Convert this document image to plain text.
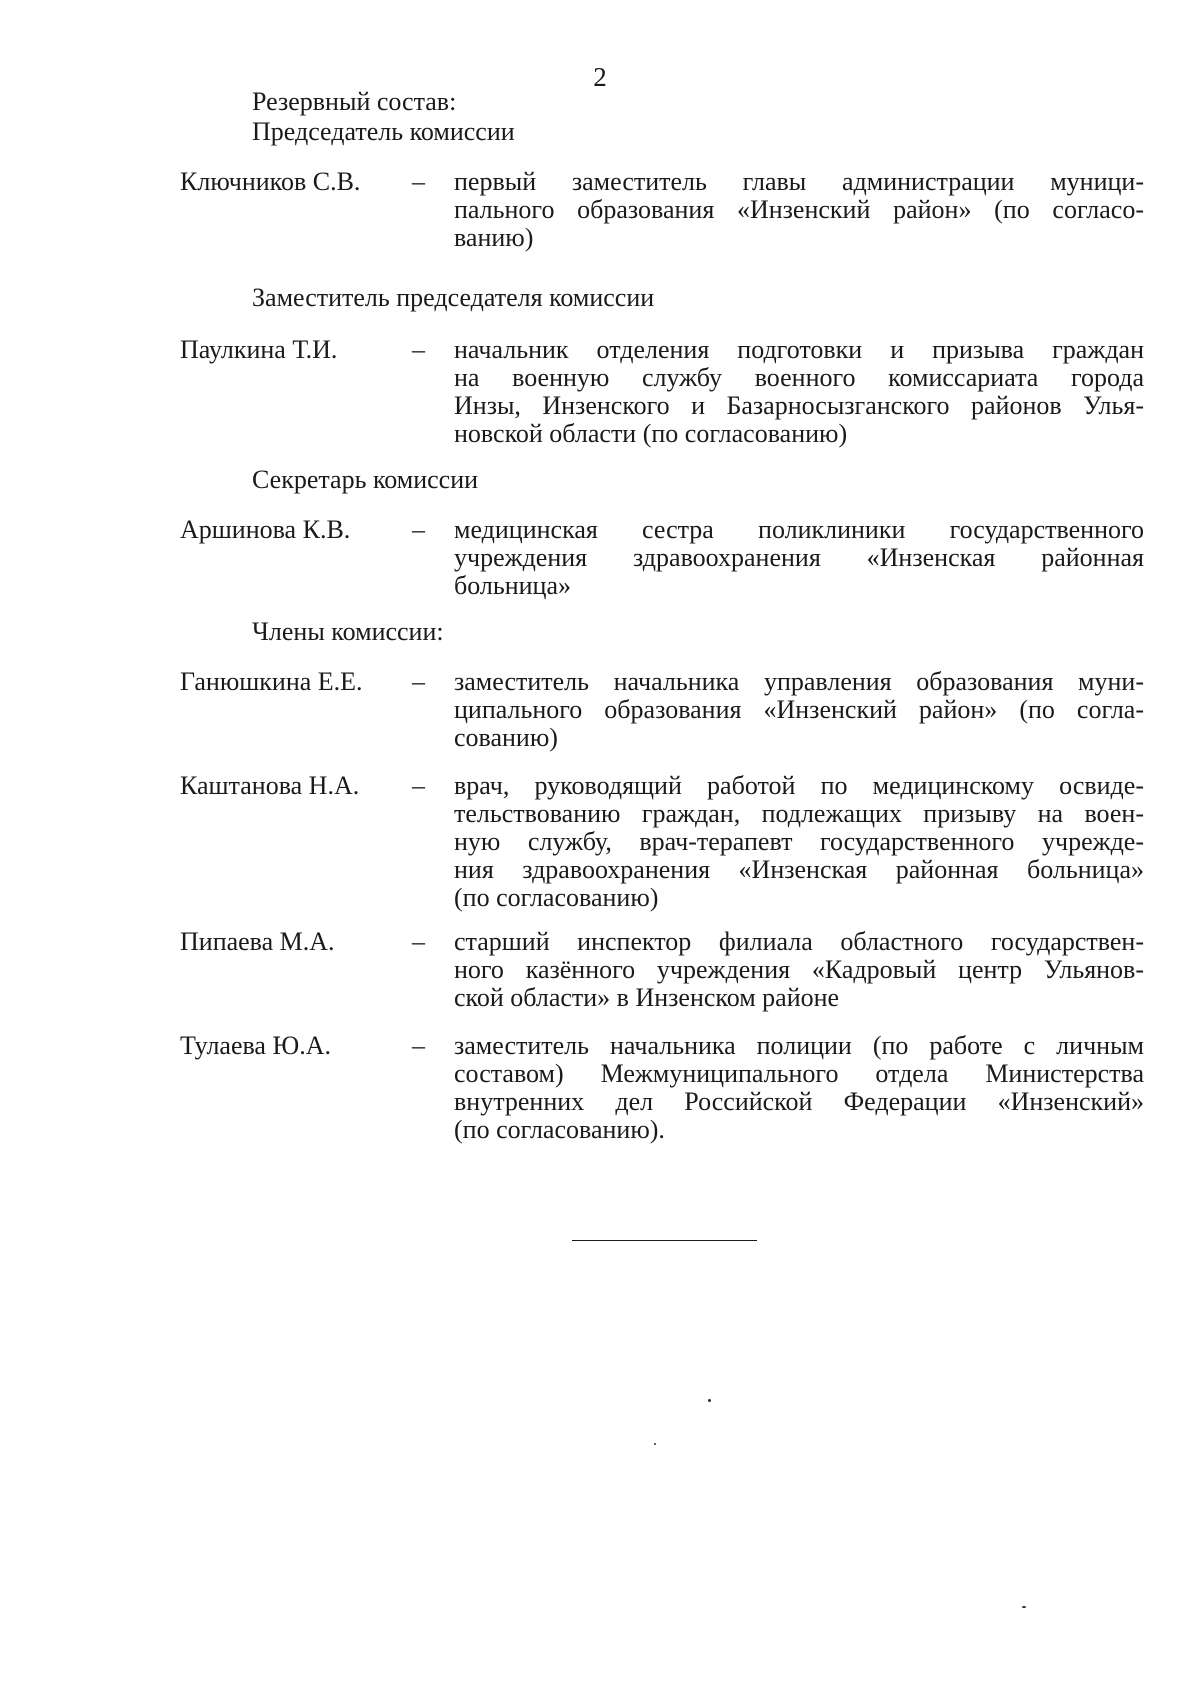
2
Резервный состав:
Председатель комиссии
Ключников С.В.	–	первый заместитель главы администрации муници-
пального образования «Инзенский район» (по согласо-
ванию)
Заместитель председателя комиссии
Паулкина Т.И.	–	начальник отделения подготовки и призыва граждан
на военную службу военного комиссариата города
Инзы, Инзенского и Базарносызганского районов Улья-
новской области (по согласованию)
Секретарь комиссии
Аршинова К.В.	–	медицинская сестра поликлиники государственного
учреждения здравоохранения «Инзенская районная
больница»
Члены комиссии:
Ганюшкина Е.Е.	–	заместитель начальника управления образования муни-
ципального образования «Инзенский район» (по согла-
сованию)
Каштанова Н.А.	–	врач, руководящий работой по медицинскому освиде-
тельствованию граждан, подлежащих призыву на воен-
ную службу, врач-терапевт государственного учрежде-
ния здравоохранения «Инзенская районная больница»
(по согласованию)
Пипаева М.А.	–	старший инспектор филиала областного государствен-
ного казённого учреждения «Кадровый центр Ульянов-
ской области» в Инзенском районе
Тулаева Ю.А.	–	заместитель начальника полиции (по работе с личным
составом) Межмуниципального отдела Министерства
внутренних дел Российской Федерации «Инзенский»
(по согласованию).
